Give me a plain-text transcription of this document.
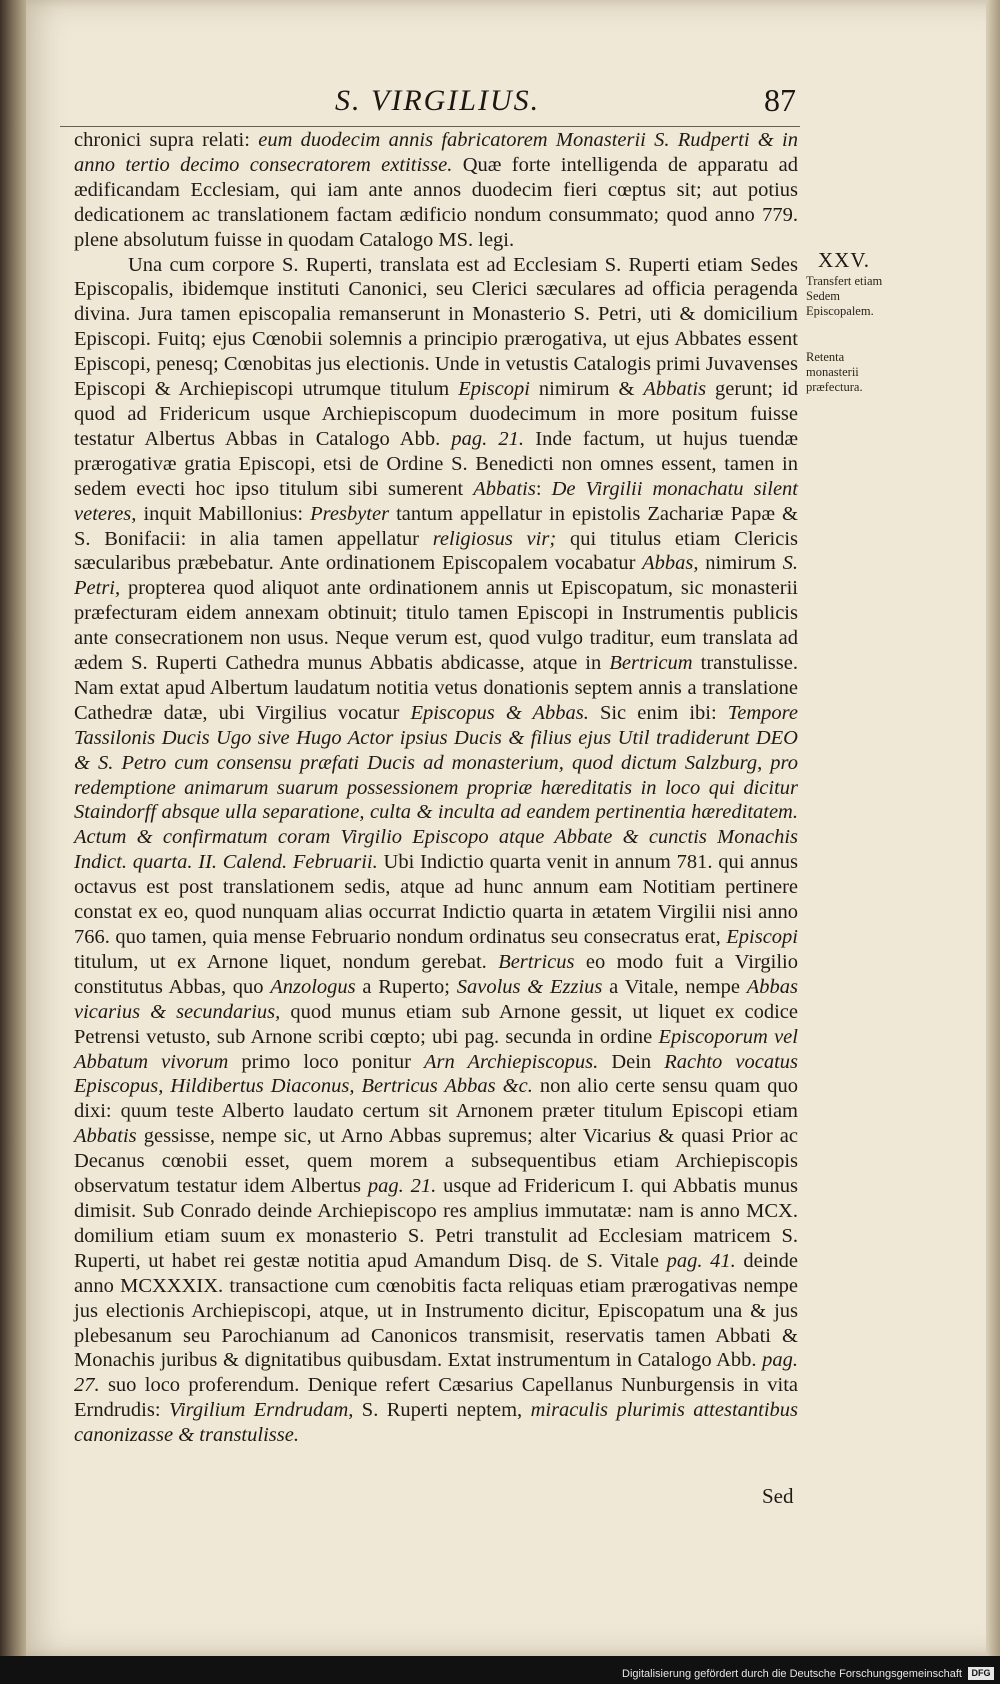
S. VIRGILIUS.	87

chronici supra relati: eum duodecim annis fabricatorem Monasterii S. Rudperti & in anno tertio decimo consecratorem extitisse. Quæ forte intelligenda de apparatu ad ædificandam Ecclesiam, qui iam ante annos duodecim fieri cœptus sit; aut potius dedicationem ac translationem factam ædificio nondum consummato; quod anno 779. plene absolutum fuisse in quodam Catalogo MS. legi.

Una cum corpore S. Ruperti, translata est ad Ecclesiam S. Ruperti etiam Sedes Episcopalis, ibidemque instituti Canonici, seu Clerici sæculares ad officia peragenda divina. Jura tamen episcopalia remanserunt in Monasterio S. Petri, uti & domicilium Episcopi. Fuitq; ejus Cœnobii solemnis a principio prærogativa, ut ejus Abbates essent Episcopi, penesq; Cœnobitas jus electionis. Unde in vetustis Catalogis primi Juvavenses Episcopi & Archiepiscopi utrumque titulum Episcopi nimirum & Abbatis gerunt; id quod ad Fridericum usque Archiepiscopum duodecimum in more positum fuisse testatur Albertus Abbas in Catalogo Abb. pag. 21. Inde factum, ut hujus tuendæ prærogativæ gratia Episcopi, etsi de Ordine S. Benedicti non omnes essent, tamen in sedem evecti hoc ipso titulum sibi sumerent Abbatis: De Virgilii monachatu silent veteres, inquit Mabillonius: Presbyter tantum appellatur in epistolis Zachariæ Papæ & S. Bonifacii: in alia tamen appellatur religiosus vir; qui titulus etiam Clericis sæcularibus præbebatur. Ante ordinationem Episcopalem vocabatur Abbas, nimirum S. Petri, propterea quod aliquot ante ordinationem annis ut Episcopatum, sic monasterii præfecturam eidem annexam obtinuit; titulo tamen Episcopi in Instrumentis publicis ante consecrationem non usus. Neque verum est, quod vulgo traditur, eum translata ad ædem S. Ruperti Cathedra munus Abbatis abdicasse, atque in Bertricum transtulisse. Nam extat apud Albertum laudatum notitia vetus donationis septem annis a translatione Cathedræ datæ, ubi Virgilius vocatur Episcopus & Abbas. Sic enim ibi: Tempore Tassilonis Ducis Ugo sive Hugo Actor ipsius Ducis & filius ejus Util tradiderunt DEO & S. Petro cum consensu præfati Ducis ad monasterium, quod dictum Salzburg, pro redemptione animarum suarum possessionem propriæ hæreditatis in loco qui dicitur Staindorff absque ulla separatione, culta & inculta ad eandem pertinentia hæreditatem. Actum & confirmatum coram Virgilio Episcopo atque Abbate & cunctis Monachis Indict. quarta. II. Calend. Februarii. Ubi Indictio quarta venit in annum 781. qui annus octavus est post translationem sedis, atque ad hunc annum eam Notitiam pertinere constat ex eo, quod nunquam alias occurrat Indictio quarta in ætatem Virgilii nisi anno 766. quo tamen, quia mense Februario nondum ordinatus seu consecratus erat, Episcopi titulum, ut ex Arnone liquet, nondum gerebat. Bertricus eo modo fuit a Virgilio constitutus Abbas, quo Anzologus a Ruperto; Savolus & Ezzius a Vitale, nempe Abbas vicarius & secundarius, quod munus etiam sub Arnone gessit, ut liquet ex codice Petrensi vetusto, sub Arnone scribi cœpto; ubi pag. secunda in ordine Episcoporum vel Abbatum vivorum primo loco ponitur Arn Archiepiscopus. Dein Rachto vocatus Episcopus, Hildibertus Diaconus, Bertricus Abbas &c. non alio certe sensu quam quo dixi: quum teste Alberto laudato certum sit Arnonem præter titulum Episcopi etiam Abbatis gessisse, nempe sic, ut Arno Abbas supremus; alter Vicarius & quasi Prior ac Decanus cœnobii esset, quem morem a subsequentibus etiam Archiepiscopis observatum testatur idem Albertus pag. 21. usque ad Fridericum I. qui Abbatis munus dimisit. Sub Conrado deinde Archiepiscopo res amplius immutatæ: nam is anno MCX. domilium etiam suum ex monasterio S. Petri transtulit ad Ecclesiam matricem S. Ruperti, ut habet rei gestæ notitia apud Amandum Disq. de S. Vitale pag. 41. deinde anno MCXXXIX. transactione cum cœnobitis facta reliquas etiam prærogativas nempe jus electionis Archiepiscopi, atque, ut in Instrumento dicitur, Episcopatum una & jus plebesanum seu Parochianum ad Canonicos transmisit, reservatis tamen Abbati & Monachis juribus & dignitatibus quibusdam. Extat instrumentum in Catalogo Abb. pag. 27. suo loco proferendum. Denique refert Cæsarius Capellanus Nunburgensis in vita Erndrudis: Virgilium Erndrudam, S. Ruperti neptem, miraculis plurimis attestantibus canonizasse & transtulisse.

XXV.
Transfert etiam Sedem Episcopalem.
Retenta monasterii præfectura.
Sed
Digitalisierung gefördert durch die Deutsche Forschungsgemeinschaft	DFG
